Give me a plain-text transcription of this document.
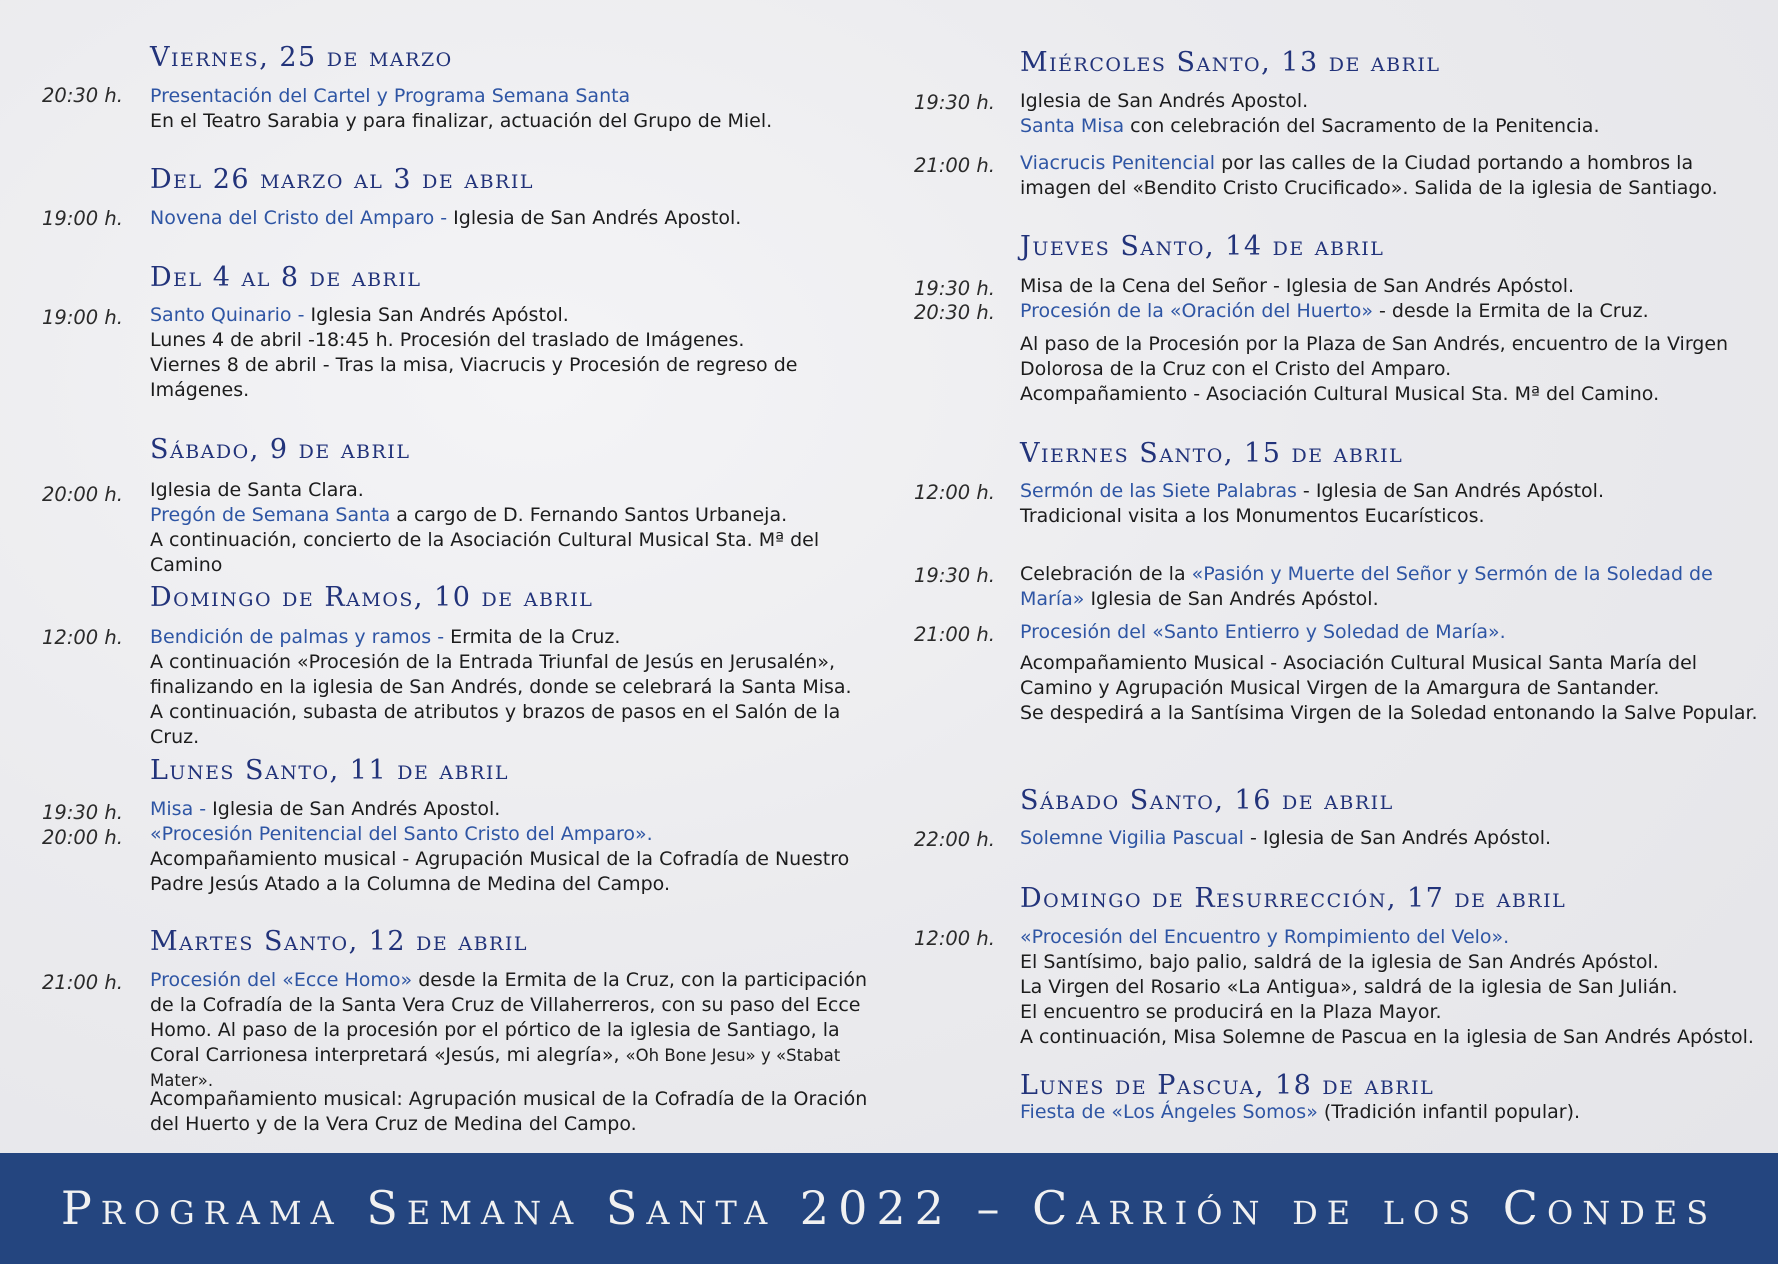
Viernes, 25 de marzo
20:30 h. Presentación del Cartel y Programa Semana Santa
En el Teatro Sarabia y para finalizar, actuación del Grupo de Miel.
Del 26 marzo al 3 de abril
19:00 h. Novena del Cristo del Amparo - Iglesia de San Andrés Apostol.
Del 4 al 8 de abril
19:00 h. Santo Quinario - Iglesia San Andrés Apóstol.
Lunes 4 de abril -18:45 h. Procesión del traslado de Imágenes.
Viernes 8 de abril - Tras la misa, Viacrucis y Procesión de regreso de Imágenes.
Sábado, 9 de abril
20:00 h. Iglesia de Santa Clara.
Pregón de Semana Santa a cargo de D. Fernando Santos Urbaneja.
A continuación, concierto de la Asociación Cultural Musical Sta. Mª del Camino
Domingo de Ramos, 10 de abril
12:00 h. Bendición de palmas y ramos - Ermita de la Cruz.
A continuación «Procesión de la Entrada Triunfal de Jesús en Jerusalén», finalizando en la iglesia de San Andrés, donde se celebrará la Santa Misa.
A continuación, subasta de atributos y brazos de pasos en el Salón de la Cruz.
Lunes Santo, 11 de abril
19:30 h.
20:00 h.
Misa - Iglesia de San Andrés Apostol.
«Procesión Penitencial del Santo Cristo del Amparo».
Acompañamiento musical - Agrupación Musical de la Cofradía de Nuestro Padre Jesús Atado a la Columna de Medina del Campo.
Martes Santo, 12 de abril
21:00 h. Procesión del «Ecce Homo» desde la Ermita de la Cruz, con la participación de la Cofradía de la Santa Vera Cruz de Villaherreros, con su paso del Ecce Homo. Al paso de la procesión por el pórtico de la iglesia de Santiago, la Coral Carrionesa interpretará «Jesús, mi alegría», «Oh Bone Jesu» y «Stabat Mater».
Acompañamiento musical: Agrupación musical de la Cofradía de la Oración del Huerto y de la Vera Cruz de Medina del Campo.
Miércoles Santo, 13 de abril
19:30 h. Iglesia de San Andrés Apostol.
Santa Misa con celebración del Sacramento de la Penitencia.
21:00 h. Viacrucis Penitencial por las calles de la Ciudad portando a hombros la imagen del «Bendito Cristo Crucificado». Salida de la iglesia de Santiago.
Jueves Santo, 14 de abril
19:30 h.
20:30 h.
Misa de la Cena del Señor - Iglesia de San Andrés Apóstol.
Procesión de la «Oración del Huerto» - desde la Ermita de la Cruz.
Al paso de la Procesión por la Plaza de San Andrés, encuentro de la Virgen Dolorosa de la Cruz con el Cristo del Amparo.
Acompañamiento - Asociación Cultural Musical Sta. Mª del Camino.
Viernes Santo, 15 de abril
12:00 h. Sermón de las Siete Palabras - Iglesia de San Andrés Apóstol.
Tradicional visita a los Monumentos Eucarísticos.
19:30 h. Celebración de la «Pasión y Muerte del Señor y Sermón de la Soledad de María» Iglesia de San Andrés Apóstol.
21:00 h. Procesión del «Santo Entierro y Soledad de María».
Acompañamiento Musical - Asociación Cultural Musical Santa María del Camino y Agrupación Musical Virgen de la Amargura de Santander.
Se despedirá a la Santísima Virgen de la Soledad entonando la Salve Popular.
Sábado Santo, 16 de abril
22:00 h. Solemne Vigilia Pascual - Iglesia de San Andrés Apóstol.
Domingo de Resurrección, 17 de abril
12:00 h. «Procesión del Encuentro y Rompimiento del Velo».
El Santísimo, bajo palio, saldrá de la iglesia de San Andrés Apóstol.
La Virgen del Rosario «La Antigua», saldrá de la iglesia de San Julián.
El encuentro se producirá en la Plaza Mayor.
A continuación, Misa Solemne de Pascua en la iglesia de San Andrés Apóstol.
Lunes de Pascua, 18 de abril
Fiesta de «Los Ángeles Somos» (Tradición infantil popular).
Programa Semana Santa 2022 – Carrión de los Condes
